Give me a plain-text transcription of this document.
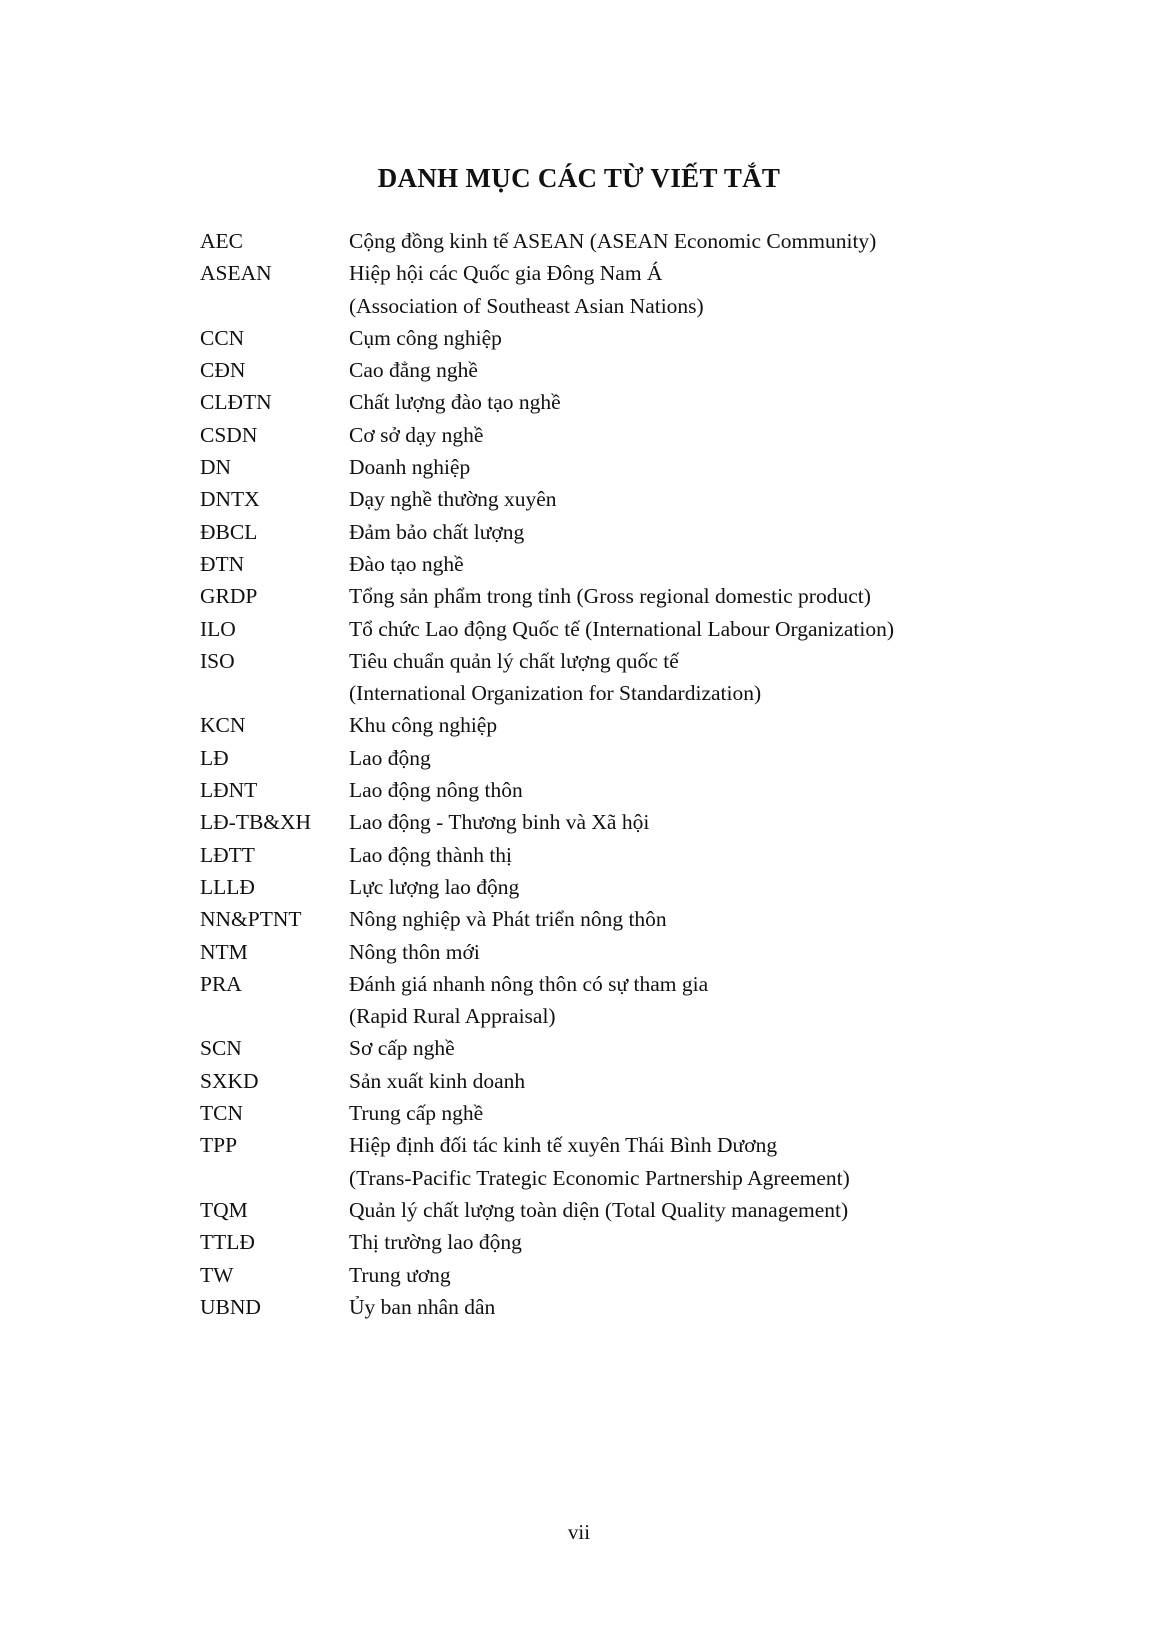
DANH MỤC CÁC TỪ VIẾT TẮT
AEC	Cộng đồng kinh tế ASEAN (ASEAN Economic Community)
ASEAN	Hiệp hội các Quốc gia Đông Nam Á
(Association of Southeast Asian Nations)
CCN	Cụm công nghiệp
CĐN	Cao đẳng nghề
CLĐTN	Chất lượng đào tạo nghề
CSDN	Cơ sở dạy nghề
DN	Doanh nghiệp
DNTX	Dạy nghề thường xuyên
ĐBCL	Đảm bảo chất lượng
ĐTN	Đào tạo nghề
GRDP	Tổng sản phẩm trong tỉnh (Gross regional domestic product)
ILO	Tổ chức Lao động Quốc tế (International Labour Organization)
ISO	Tiêu chuẩn quản lý chất lượng quốc tế
(International Organization for Standardization)
KCN	Khu công nghiệp
LĐ	Lao động
LĐNT	Lao động nông thôn
LĐ-TB&XH	Lao động - Thương binh và Xã hội
LĐTT	Lao động thành thị
LLLĐ	Lực lượng lao động
NN&PTNT	Nông nghiệp và Phát triển nông thôn
NTM	Nông thôn mới
PRA	Đánh giá nhanh nông thôn có sự tham gia
(Rapid Rural Appraisal)
SCN	Sơ cấp nghề
SXKD	Sản xuất kinh doanh
TCN	Trung cấp nghề
TPP	Hiệp định đối tác kinh tế xuyên Thái Bình Dương
(Trans-Pacific Trategic Economic Partnership Agreement)
TQM	Quản lý chất lượng toàn diện (Total Quality management)
TTLĐ	Thị trường lao động
TW	Trung ương
UBND	Ủy ban nhân dân
vii
